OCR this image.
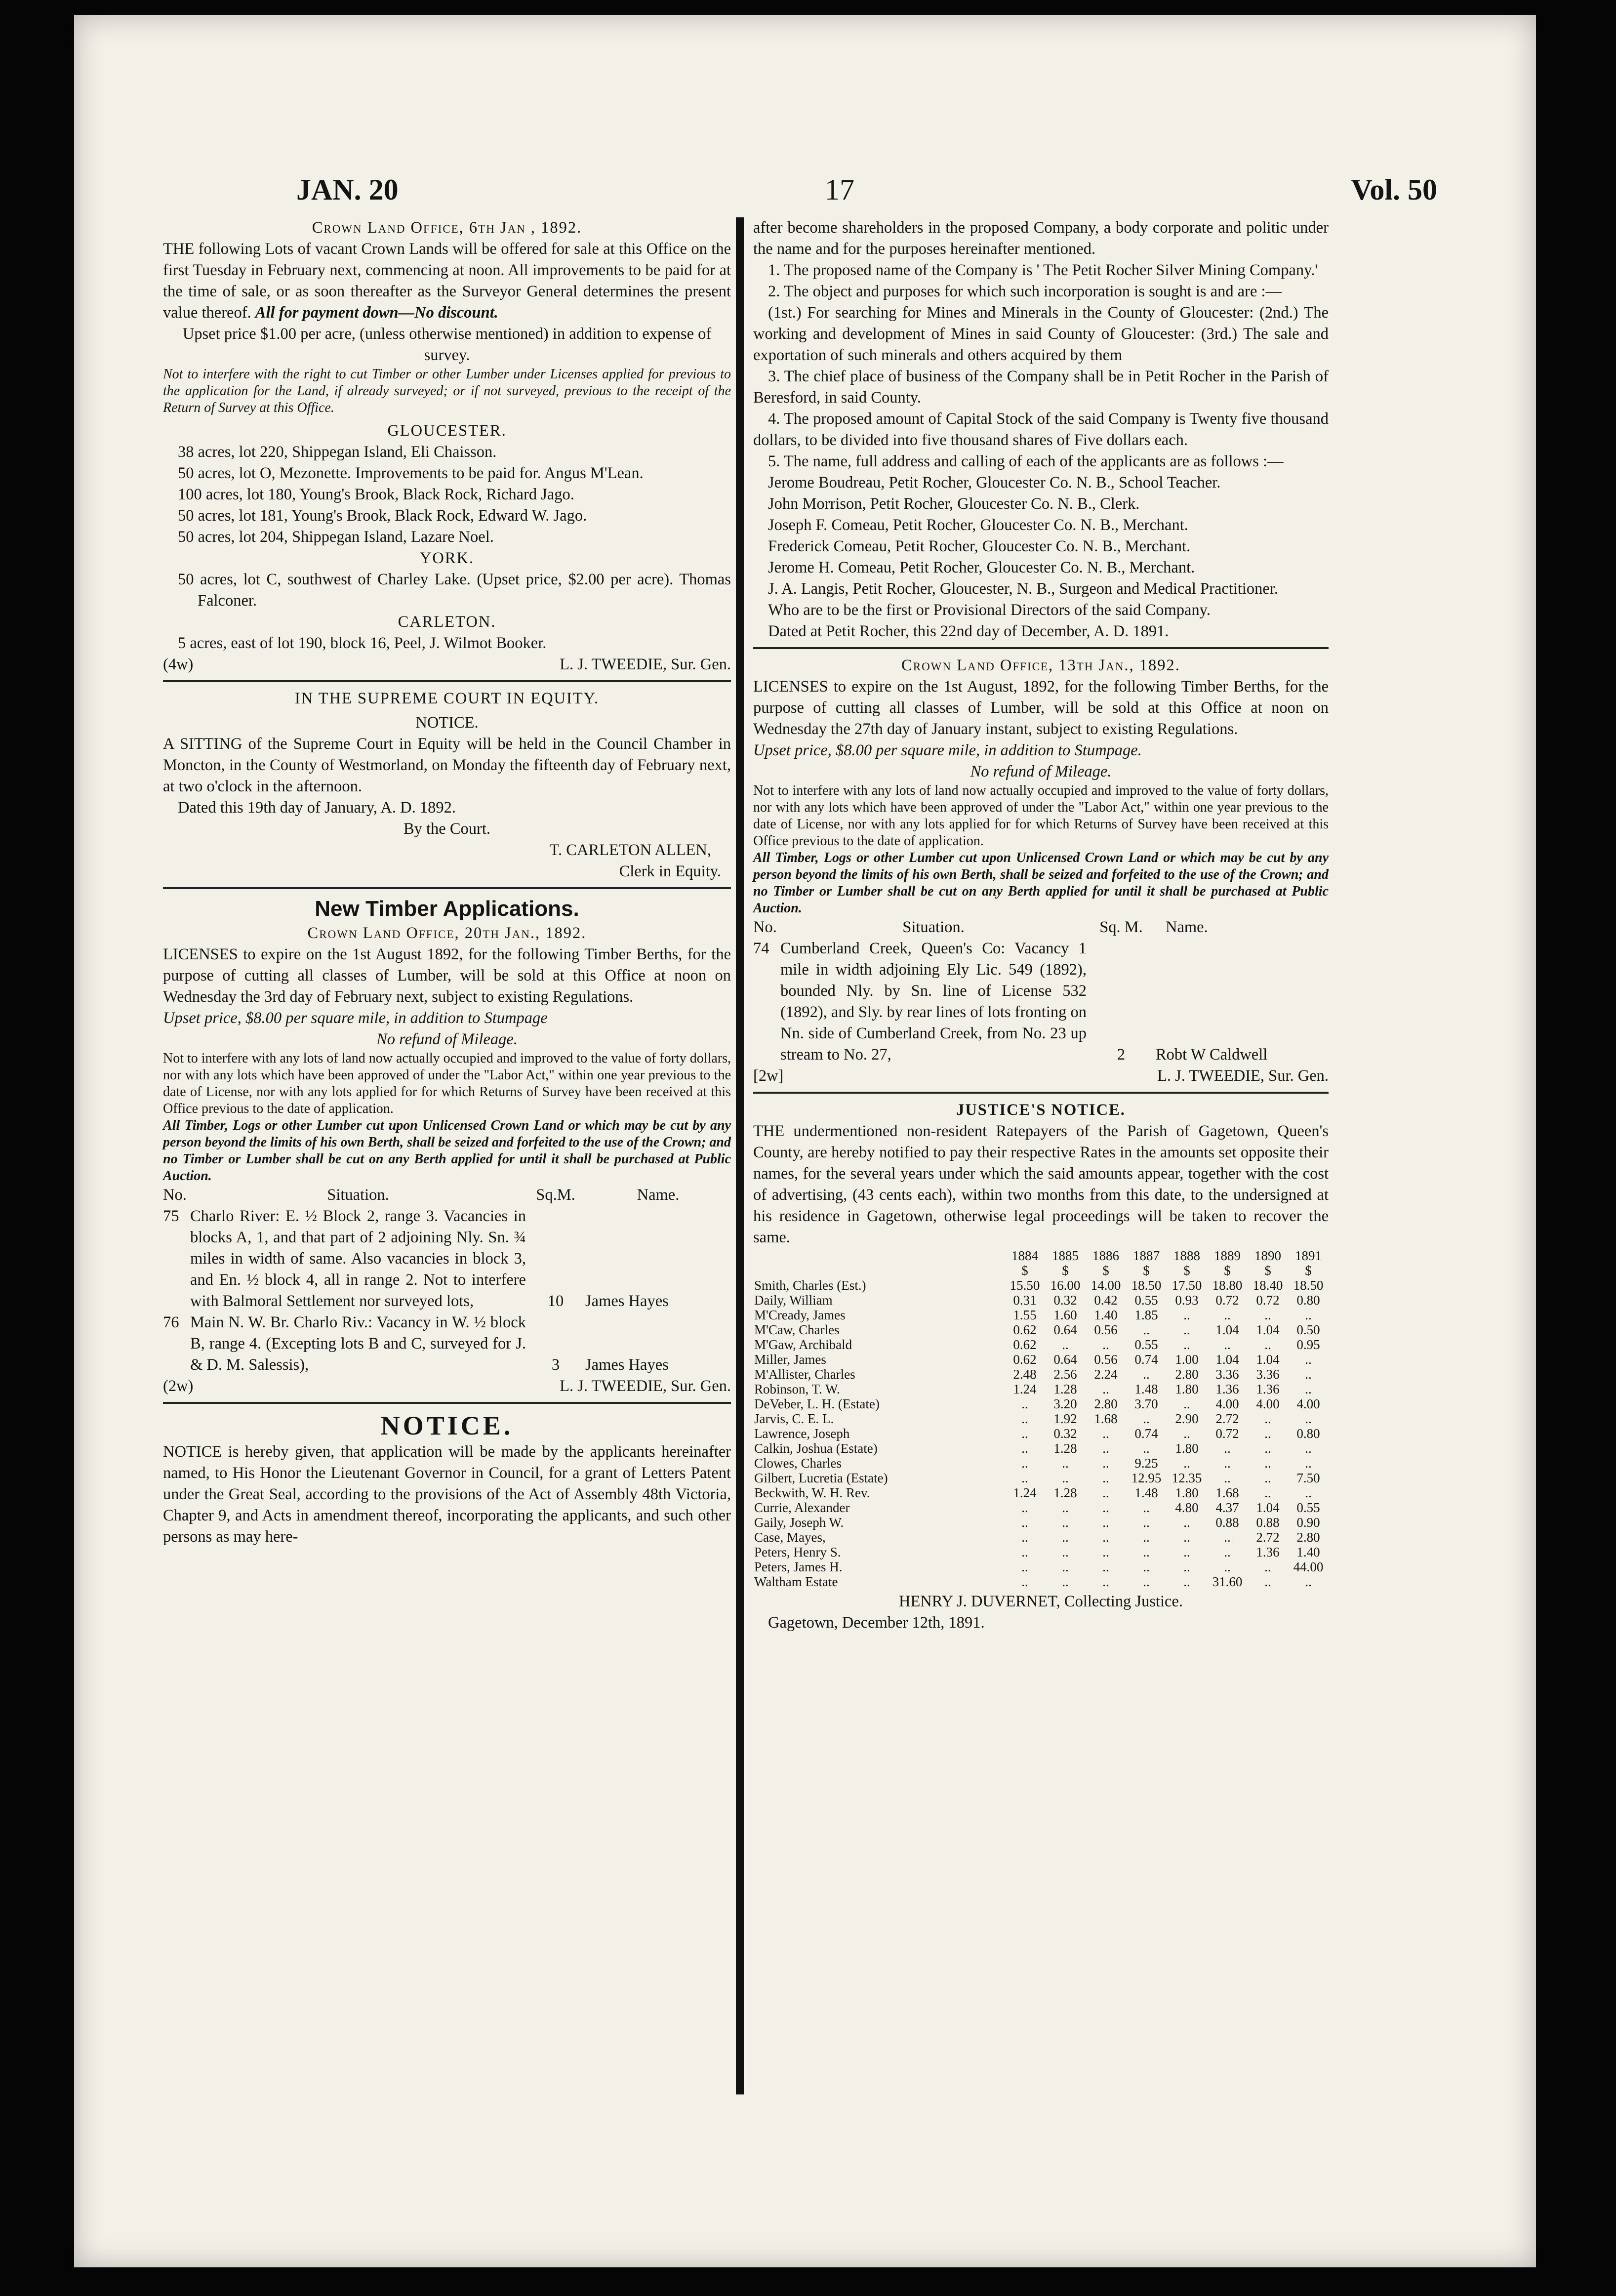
JAN. 20	17	Vol. 50

Crown Land Office, 6th Jan , 1892.

THE following Lots of vacant Crown Lands will be offered for sale at this Office on the first Tuesday in February next, commencing at noon. All improvements to be paid for at the time of sale, or as soon thereafter as the Surveyor General determines the present value thereof. All for payment down—No discount.

Upset price $1.00 per acre, (unless otherwise mentioned) in addition to expense of survey.

Not to interfere with the right to cut Timber or other Lumber under Licenses applied for previous to the application for the Land, if already surveyed; or if not surveyed, previous to the receipt of the Return of Survey at this Office.

GLOUCESTER.

38 acres, lot 220, Shippegan Island, Eli Chaisson.

50 acres, lot O, Mezonette. Improvements to be paid for. Angus M'Lean.

100 acres, lot 180, Young's Brook, Black Rock, Richard Jago.

50 acres, lot 181, Young's Brook, Black Rock, Edward W. Jago.

50 acres, lot 204, Shippegan Island, Lazare Noel.

YORK.

50 acres, lot C, southwest of Charley Lake. (Upset price, $2.00 per acre). Thomas Falconer.

CARLETON.

5 acres, east of lot 190, block 16, Peel, J. Wilmot Booker.

(4w)	L. J. TWEEDIE, Sur. Gen.

IN THE SUPREME COURT IN EQUITY.

NOTICE.

A SITTING of the Supreme Court in Equity will be held in the Council Chamber in Moncton, in the County of Westmorland, on Monday the fifteenth day of February next, at two o'clock in the afternoon.

Dated this 19th day of January, A. D. 1892.

By the Court.

T. CARLETON ALLEN,

Clerk in Equity.

New Timber Applications.

Crown Land Office, 20th Jan., 1892.

LICENSES to expire on the 1st August 1892, for the following Timber Berths, for the purpose of cutting all classes of Lumber, will be sold at this Office at noon on Wednesday the 3rd day of February next, subject to existing Regulations.

Upset price, $8.00 per square mile, in addition to Stumpage

No refund of Mileage.

Not to interfere with any lots of land now actually occupied and improved to the value of forty dollars, nor with any lots which have been approved of under the "Labor Act," within one year previous to the date of License, nor with any lots applied for for which Returns of Survey have been received at this Office previous to the date of application.

All Timber, Logs or other Lumber cut upon Unlicensed Crown Land or which may be cut by any person beyond the limits of his own Berth, shall be seized and forfeited to the use of the Crown; and no Timber or Lumber shall be cut on any Berth applied for until it shall be purchased at Public Auction.

No.	Situation.	Sq.M.	Name.
75 Charlo River: E. ½ Block 2, range 3. Vacancies in blocks A, 1, and that part of 2 adjoining Nly. Sn. ¾ miles in width of same. Also vacancies in block 3, and En. ½ block 4, all in range 2. Not to interfere with Balmoral Settlement nor surveyed lots,	10	James Hayes
76 Main N. W. Br. Charlo Riv.: Vacancy in W. ½ block B, range 4. (Excepting lots B and C, surveyed for J. & D. M. Salessis),	3	James Hayes

(2w)	L. J. TWEEDIE, Sur. Gen.

NOTICE.

NOTICE is hereby given, that application will be made by the applicants hereinafter named, to His Honor the Lieutenant Governor in Council, for a grant of Letters Patent under the Great Seal, according to the provisions of the Act of Assembly 48th Victoria, Chapter 9, and Acts in amendment thereof, incorporating the applicants, and such other persons as may here-

after become shareholders in the proposed Company, a body corporate and politic under the name and for the purposes hereinafter mentioned.

1. The proposed name of the Company is ' The Petit Rocher Silver Mining Company.'

2. The object and purposes for which such incorporation is sought is and are :—

(1st.) For searching for Mines and Minerals in the County of Gloucester: (2nd.) The working and development of Mines in said County of Gloucester: (3rd.) The sale and exportation of such minerals and others acquired by them

3. The chief place of business of the Company shall be in Petit Rocher in the Parish of Beresford, in said County.

4. The proposed amount of Capital Stock of the said Company is Twenty five thousand dollars, to be divided into five thousand shares of Five dollars each.

5. The name, full address and calling of each of the applicants are as follows :—

Jerome Boudreau, Petit Rocher, Gloucester Co. N. B., School Teacher.

John Morrison, Petit Rocher, Gloucester Co. N. B., Clerk.

Joseph F. Comeau, Petit Rocher, Gloucester Co. N. B., Merchant.

Frederick Comeau, Petit Rocher, Gloucester Co. N. B., Merchant.

Jerome H. Comeau, Petit Rocher, Gloucester Co. N. B., Merchant.

J. A. Langis, Petit Rocher, Gloucester, N. B., Surgeon and Medical Practitioner.

Who are to be the first or Provisional Directors of the said Company.

Dated at Petit Rocher, this 22nd day of December, A. D. 1891.

Crown Land Office, 13th Jan., 1892.

LICENSES to expire on the 1st August, 1892, for the following Timber Berths, for the purpose of cutting all classes of Lumber, will be sold at this Office at noon on Wednesday the 27th day of January instant, subject to existing Regulations.

Upset price, $8.00 per square mile, in addition to Stumpage.

No refund of Mileage.

Not to interfere with any lots of land now actually occupied and improved to the value of forty dollars, nor with any lots which have been approved of under the "Labor Act," within one year previous to the date of License, nor with any lots applied for for which Returns of Survey have been received at this Office previous to the date of application.

All Timber, Logs or other Lumber cut upon Unlicensed Crown Land or which may be cut by any person beyond the limits of his own Berth, shall be seized and forfeited to the use of the Crown; and no Timber or Lumber shall be cut on any Berth applied for until it shall be purchased at Public Auction.

No.	Situation.	Sq. M.	Name.
74 Cumberland Creek, Queen's Co: Vacancy 1 mile in width adjoining Ely Lic. 549 (1892), bounded Nly. by Sn. line of License 532 (1892), and Sly. by rear lines of lots fronting on Nn. side of Cumberland Creek, from No. 23 up stream to No. 27,	2	Robt W Caldwell

[2w]	L. J. TWEEDIE, Sur. Gen.

JUSTICE'S NOTICE.

THE undermentioned non-resident Ratepayers of the Parish of Gagetown, Queen's County, are hereby notified to pay their respective Rates in the amounts set opposite their names, for the several years under which the said amounts appear, together with the cost of advertising, (43 cents each), within two months from this date, to the undersigned at his residence in Gagetown, otherwise legal proceedings will be taken to recover the same.

	1884	1885	1886	1887	1888	1889	1890	1891
	$	$	$	$	$	$	$	$
Smith, Charles (Est.)	15.50	16.00	14.00	18.50	17.50	18.80	18.40	18.50
Daily, William	0.31	0.32	0.42	0.55	0.93	0.72	0.72	0.80
M'Cready, James	1.55	1.60	1.40	1.85	..	..	..	..
M'Caw, Charles	0.62	0.64	0.56	..	..	1.04	1.04	0.50
M'Gaw, Archibald	0.62	..	..	0.55	..	..	..	0.95
Miller, James	0.62	0.64	0.56	0.74	1.00	1.04	1.04	..
M'Allister, Charles	2.48	2.56	2.24	..	2.80	3.36	3.36	..
Robinson, T. W.	1.24	1.28	..	1.48	1.80	1.36	1.36	..
DeVeber, L. H. (Estate)	..	3.20	2.80	3.70	..	4.00	4.00	4.00
Jarvis, C. E. L.	..	1.92	1.68	..	2.90	2.72	..	..
Lawrence, Joseph	..	0.32	..	0.74	..	0.72	..	0.80
Calkin, Joshua (Estate)	..	1.28	..	..	1.80	..	..	..
Clowes, Charles	..	..	..	9.25	..	..	..	..
Gilbert, Lucretia (Estate)	..	..	..	12.95	12.35	..	..	7.50
Beckwith, W. H. Rev.	1.24	1.28	..	1.48	1.80	1.68	..	..
Currie, Alexander	..	..	..	..	4.80	4.37	1.04	0.55
Gaily, Joseph W.	..	..	..	..	..	0.88	0.88	0.90
Case, Mayes,	..	..	..	..	..	..	2.72	2.80
Peters, Henry S.	..	..	..	..	..	..	1.36	1.40
Peters, James H.	..	..	..	..	..	..	..	44.00
Waltham Estate	..	..	..	..	..	31.60	..	..

HENRY J. DUVERNET, Collecting Justice.

Gagetown, December 12th, 1891.
